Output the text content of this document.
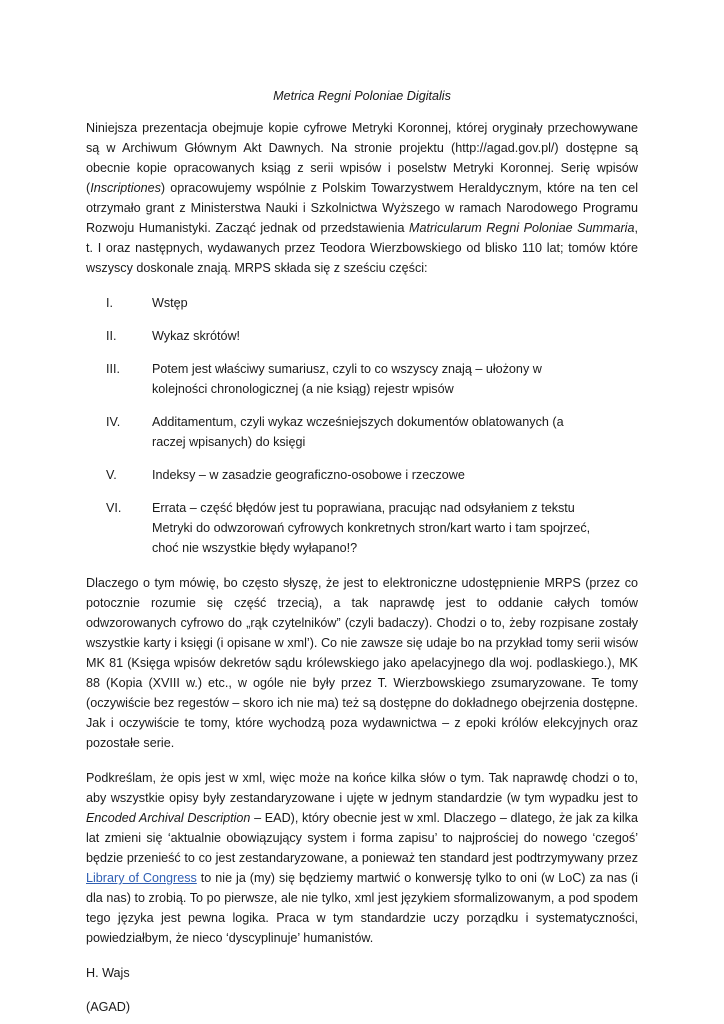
Metrica Regni Poloniae Digitalis

Niniejsza prezentacja obejmuje kopie cyfrowe Metryki Koronnej, której oryginały przechowywane są w Archiwum Głównym Akt Dawnych. Na stronie projektu (http://agad.gov.pl/) dostępne są obecnie kopie opracowanych ksiąg z serii wpisów i poselstw Metryki Koronnej. Serię wpisów (Inscriptiones) opracowujemy wspólnie z Polskim Towarzystwem Heraldycznym, które na ten cel otrzymało grant z Ministerstwa Nauki i Szkolnictwa Wyższego w ramach Narodowego Programu Rozwoju Humanistyki. Zacząć jednak od przedstawienia Matricularum Regni Poloniae Summaria, t. I oraz następnych, wydawanych przez Teodora Wierzbowskiego od blisko 110 lat; tomów które wszyscy doskonale znają. MRPS składa się z sześciu części:

I.	Wstęp
II.	Wykaz skrótów!
III.	Potem jest właściwy sumariusz, czyli to co wszyscy znają – ułożony w kolejności chronologicznej (a nie ksiąg) rejestr wpisów
IV.	Additamentum, czyli wykaz wcześniejszych dokumentów oblatowanych (a raczej wpisanych) do księgi
V.	Indeksy – w zasadzie geograficzno-osobowe i rzeczowe
VI.	Errata – część błędów jest tu poprawiana, pracując nad odsyłaniem z tekstu Metryki do odwzorowań cyfrowych konkretnych stron/kart warto i tam spojrzeć, choć nie wszystkie błędy wyłapano!?

Dlaczego o tym mówię, bo często słyszę, że jest to elektroniczne udostępnienie MRPS (przez co potocznie rozumie się część trzecią), a tak naprawdę jest to oddanie całych tomów odwzorowanych cyfrowo do „rąk czytelników” (czyli badaczy). Chodzi o to, żeby rozpisane zostały wszystkie karty i księgi (i opisane w xml’). Co nie zawsze się udaje bo na przykład tomy serii wisów MK 81 (Księga wpisów dekretów sądu królewskiego jako apelacyjnego dla woj. podlaskiego.), MK 88 (Kopia (XVIII w.) etc., w ogóle nie były przez T. Wierzbowskiego zsumaryzowane. Te tomy (oczywiście bez regestów – skoro ich nie ma) też są dostępne do dokładnego obejrzenia dostępne. Jak i oczywiście te tomy, które wychodzą poza wydawnictwa – z epoki królów elekcyjnych oraz pozostałe serie.

Podkreślam, że opis jest w xml, więc może na końce kilka słów o tym. Tak naprawdę chodzi o to, aby wszystkie opisy były zestandaryzowane i ujęte w jednym standardzie (w tym wypadku jest to Encoded Archival Description – EAD), który obecnie jest w xml. Dlaczego – dlatego, że jak za kilka lat zmieni się ‘aktualnie obowiązujący system i forma zapisu’ to najprościej do nowego ‘czegoś’ będzie przenieść to co jest zestandaryzowane, a ponieważ ten standard jest podtrzymywany przez Library of Congress to nie ja (my) się będziemy martwić o konwersję tylko to oni (w LoC) za nas (i dla nas) to zrobią. To po pierwsze, ale nie tylko, xml jest językiem sformalizowanym, a pod spodem tego języka jest pewna logika. Praca w tym standardzie uczy porządku i systematyczności, powiedziałbym, że nieco ‘dyscyplinuje’ humanistów.

H. Wajs
(AGAD)
